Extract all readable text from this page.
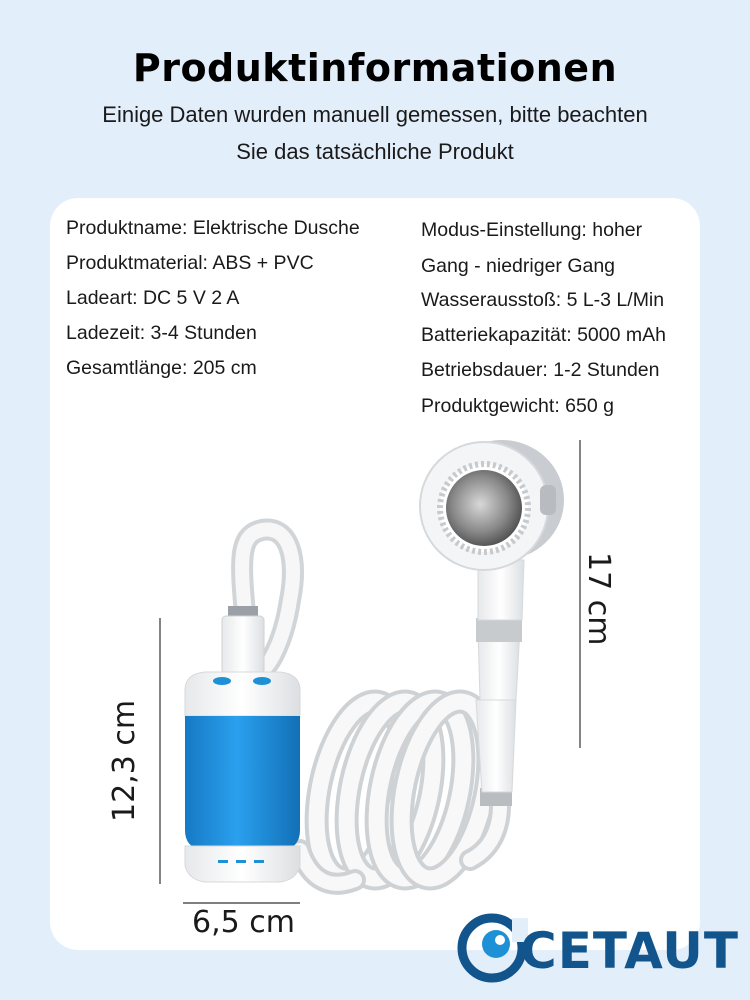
Produktinformationen
Einige Daten wurden manuell gemessen, bitte beachten
Sie das tatsächliche Produkt
Produktname: Elektrische Dusche
Produktmaterial: ABS + PVC
Ladeart: DC 5 V 2 A
Ladezeit: 3-4 Stunden
Gesamtlänge: 205 cm
Modus-Einstellung: hoher
Gang - niedriger Gang
Wasserausstoß: 5 L-3 L/Min
Batteriekapazität: 5000 mAh
Betriebsdauer: 1-2 Stunden
Produktgewicht: 650 g
12,3 cm
6,5 cm
17 cm
CETAUT
